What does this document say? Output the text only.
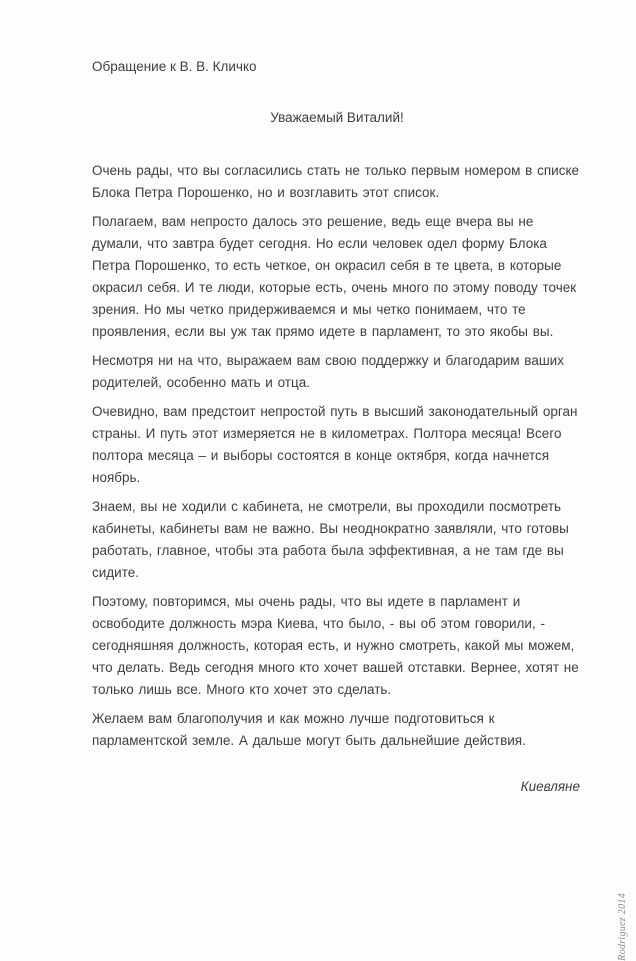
Обращение к В. В. Кличко
Уважаемый Виталий!

Очень рады, что вы согласились стать не только первым номером в списке Блока Петра Порошенко, но и возглавить этот список.

Полагаем, вам непросто далось это решение, ведь еще вчера вы не думали, что завтра будет сегодня. Но если человек одел форму Блока Петра Порошенко, то есть четкое, он окрасил себя в те цвета, в которые окрасил себя. И те люди, которые есть, очень много по этому поводу точек зрения. Но мы четко придерживаемся и мы четко понимаем, что те проявления, если вы уж так прямо идете в парламент, то это якобы вы.

Несмотря ни на что, выражаем вам свою поддержку и благодарим ваших родителей, особенно мать и отца.

Очевидно, вам предстоит непростой путь в высший законодательный орган страны. И путь этот измеряется не в километрах. Полтора месяца! Всего полтора месяца – и выборы состоятся в конце октября, когда начнется ноябрь.

Знаем, вы не ходили с кабинета, не смотрели, вы проходили посмотреть кабинеты, кабинеты вам не важно. Вы неоднократно заявляли, что готовы работать, главное, чтобы эта работа была эффективная, а не там где вы сидите.

Поэтому, повторимся, мы очень рады, что вы идете в парламент и освободите должность мэра Киева, что было, - вы об этом говорили, - сегодняшняя должность, которая есть, и нужно смотреть, какой мы можем, что делать. Ведь сегодня много кто хочет вашей отставки. Вернее, хотят не только лишь все. Много кто хочет это сделать.

Желаем вам благополучия и как можно лучше подготовиться к парламентской земле. А дальше могут быть дальнейшие действия.

Киевляне
Rodriguez 2014
